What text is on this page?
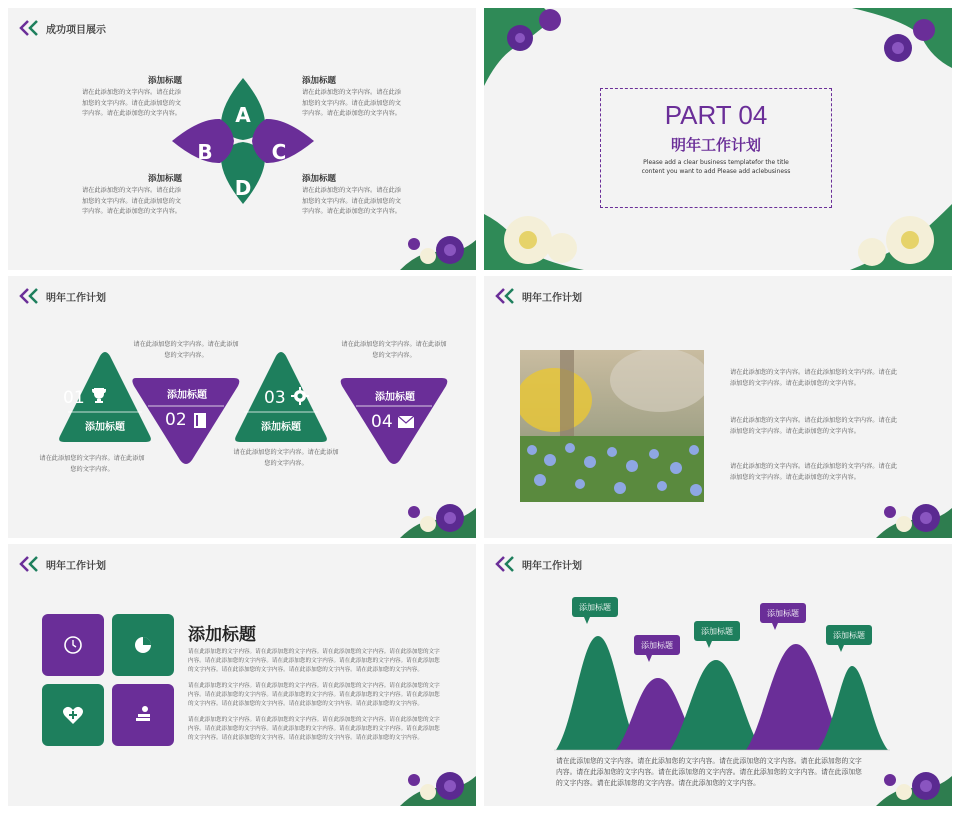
成功项目展示
A
B	C
D
添加标题
请在此添加您的文字内容。请在此添加您的文字内容。请在此添加您的文字内容。请在此添加您的文字内容。
添加标题
请在此添加您的文字内容。请在此添加您的文字内容。请在此添加您的文字内容。请在此添加您的文字内容。
添加标题
请在此添加您的文字内容。请在此添加您的文字内容。请在此添加您的文字内容。请在此添加您的文字内容。
添加标题
请在此添加您的文字内容。请在此添加您的文字内容。请在此添加您的文字内容。请在此添加您的文字内容。
PART 04
明年工作计划
Please add a clear business templatefor the title
content you want to add Please add aclebusiness
明年工作计划
01
添加标题
添加标题
02
03
添加标题
添加标题
04
请在此添加您的文字内容。请在此添加您的文字内容。
请在此添加您的文字内容。请在此添加您的文字内容。
请在此添加您的文字内容。请在此添加您的文字内容。
请在此添加您的文字内容。请在此添加您的文字内容。
明年工作计划
请在此添加您的文字内容。请在此添加您的文字内容。请在此添加您的文字内容。请在此添加您的文字内容。
请在此添加您的文字内容。请在此添加您的文字内容。请在此添加您的文字内容。请在此添加您的文字内容。
请在此添加您的文字内容。请在此添加您的文字内容。请在此添加您的文字内容。请在此添加您的文字内容。
明年工作计划
添加标题
请在此添加您的文字内容。请在此添加您的文字内容。请在此添加您的文字内容。请在此添加您的文字内容。请在此添加您的文字内容。请在此添加您的文字内容。请在此添加您的文字内容。请在此添加您的文字内容。请在此添加您的文字内容。请在此添加您的文字内容。请在此添加您的文字内容。
请在此添加您的文字内容。请在此添加您的文字内容。请在此添加您的文字内容。请在此添加您的文字内容。请在此添加您的文字内容。请在此添加您的文字内容。请在此添加您的文字内容。请在此添加您的文字内容。请在此添加您的文字内容。请在此添加您的文字内容。请在此添加您的文字内容。
请在此添加您的文字内容。请在此添加您的文字内容。请在此添加您的文字内容。请在此添加您的文字内容。请在此添加您的文字内容。请在此添加您的文字内容。请在此添加您的文字内容。请在此添加您的文字内容。请在此添加您的文字内容。请在此添加您的文字内容。请在此添加您的文字内容。
明年工作计划
添加标题
添加标题
添加标题
添加标题
添加标题
请在此添加您的文字内容。请在此添加您的文字内容。请在此添加您的文字内容。请在此添加您的文字内容。请在此添加您的文字内容。请在此添加您的文字内容。请在此添加您的文字内容。请在此添加您的文字内容。请在此添加您的文字内容。请在此添加您的文字内容。
